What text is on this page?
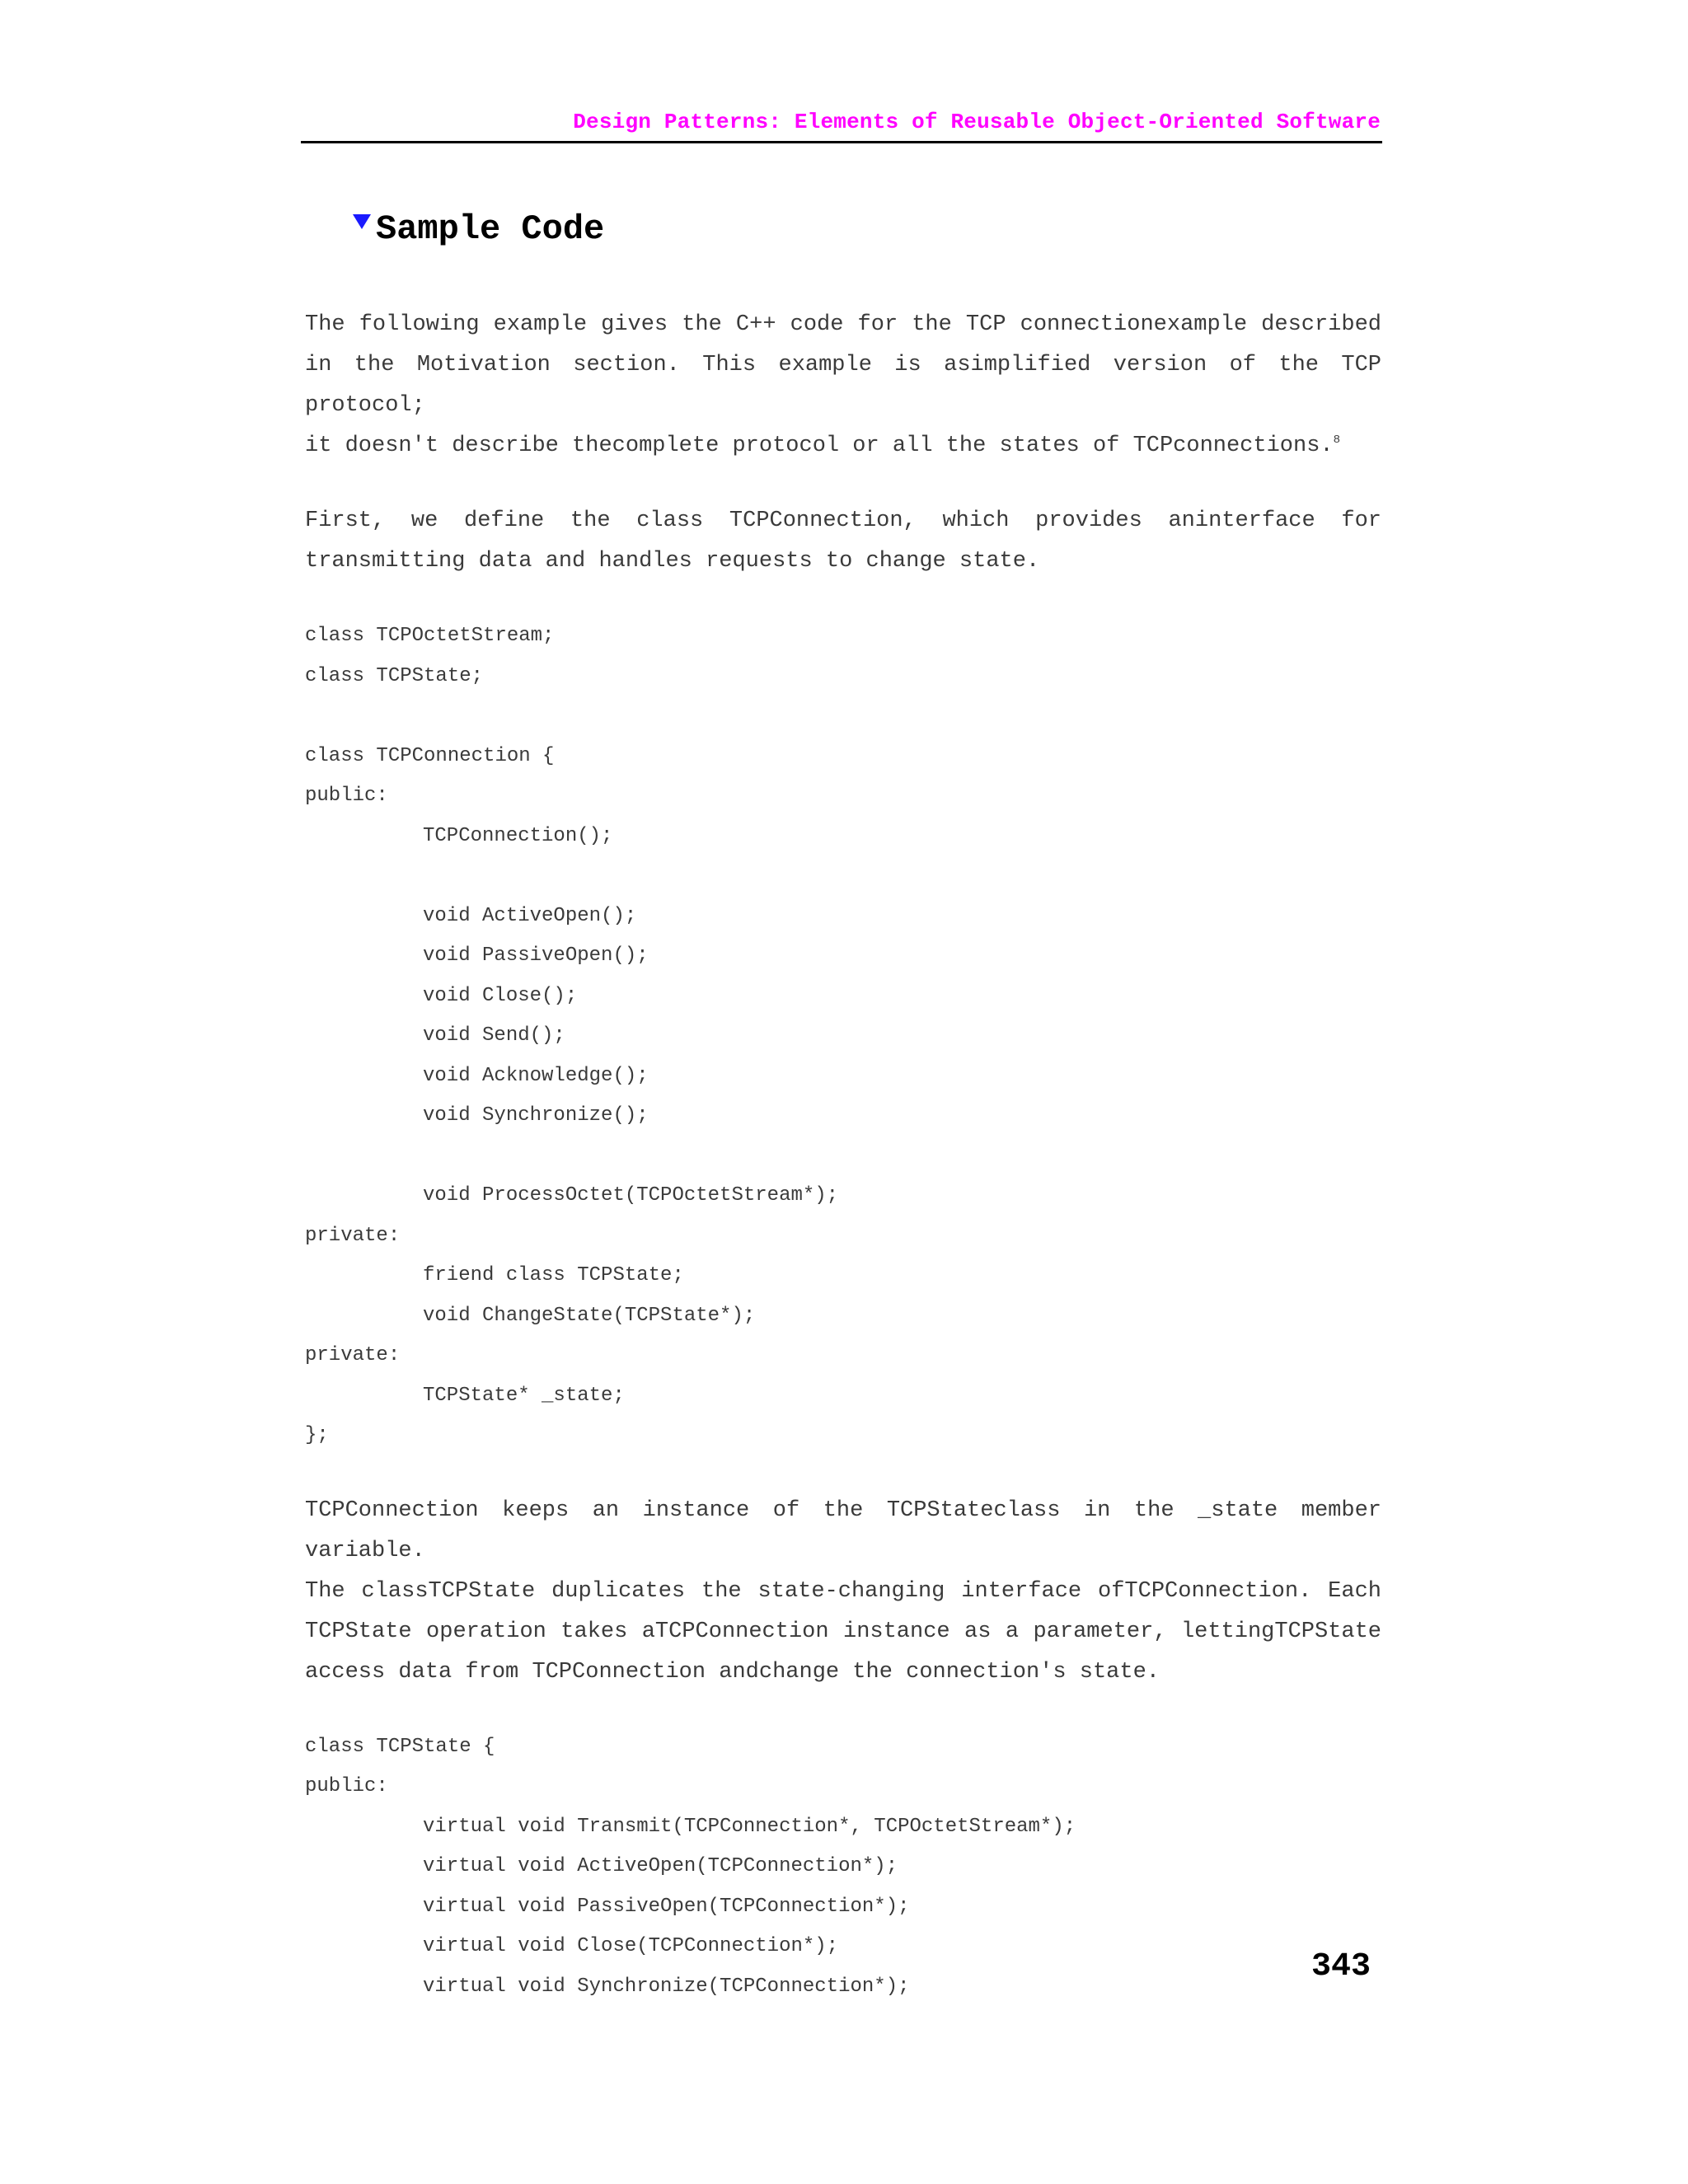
Design Patterns: Elements of Reusable Object-Oriented Software
Sample Code
The following example gives the C++ code for the TCP connectionexample described
in the Motivation section. This example is asimplified version of the TCP protocol;
it doesn't describe thecomplete protocol or all the states of TCPconnections.$^8$
First, we define the class TCPConnection, which provides aninterface for
transmitting data and handles requests to change state.
class TCPOctetStream;
class TCPState;
class TCPConnection {
public:
TCPConnection();
void ActiveOpen();
void PassiveOpen();
void Close();
void Send();
void Acknowledge();
void Synchronize();
void ProcessOctet(TCPOctetStream*);
private:
friend class TCPState;
void ChangeState(TCPState*);
private:
TCPState* _state;
};
TCPConnection keeps an instance of the TCPStateclass in the _state member variable.
The classTCPState duplicates the state-changing interface ofTCPConnection. Each
TCPState operation takes aTCPConnection instance as a parameter, lettingTCPState
access data from TCPConnection andchange the connection's state.
class TCPState {
public:
virtual void Transmit(TCPConnection*, TCPOctetStream*);
virtual void ActiveOpen(TCPConnection*);
virtual void PassiveOpen(TCPConnection*);
virtual void Close(TCPConnection*);
virtual void Synchronize(TCPConnection*);
343
